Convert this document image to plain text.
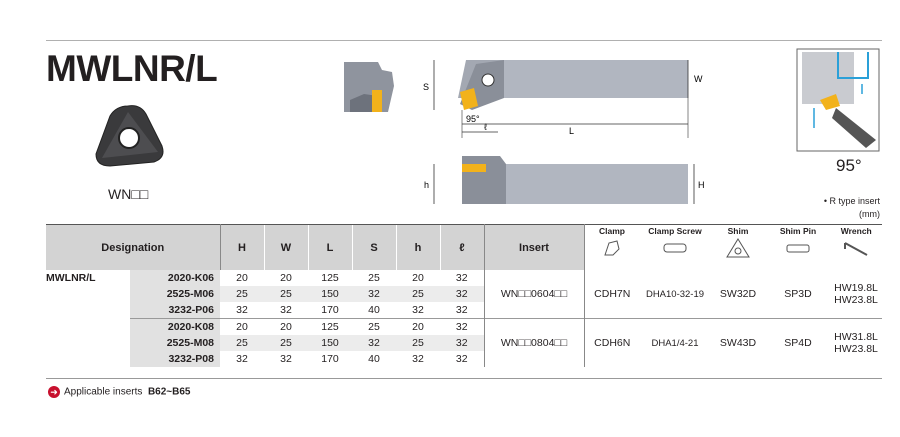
MWLNR/L
WN□□
S
W
95°
ℓ	L
h	H
95°
• R type insert
(mm)
Designation		H	W	L	S	h	ℓ	Insert	Clamp	Clamp Screw	Shim	Shim Pin	Wrench

MWLNR/L	2020-K06	20	20	125	25	20	32	WN□□0604□□	CDH7N	DHA10-32-19	SW32D	SP3D	HW19.8L
HW23.8L

	2525-M06	25	25	150	32	25	32						
	3232-P06	32	32	170	40	32	32						
	2020-K08	20	20	125	25	20	32	WN□□0804□□	CDH6N	DHA1/4-21	SW43D	SP4D	HW31.8L
HW23.8L

	2525-M08	25	25	150	32	25	32						
	3232-P08	32	32	170	40	32	32						
➜ Applicable inserts B62~B65
